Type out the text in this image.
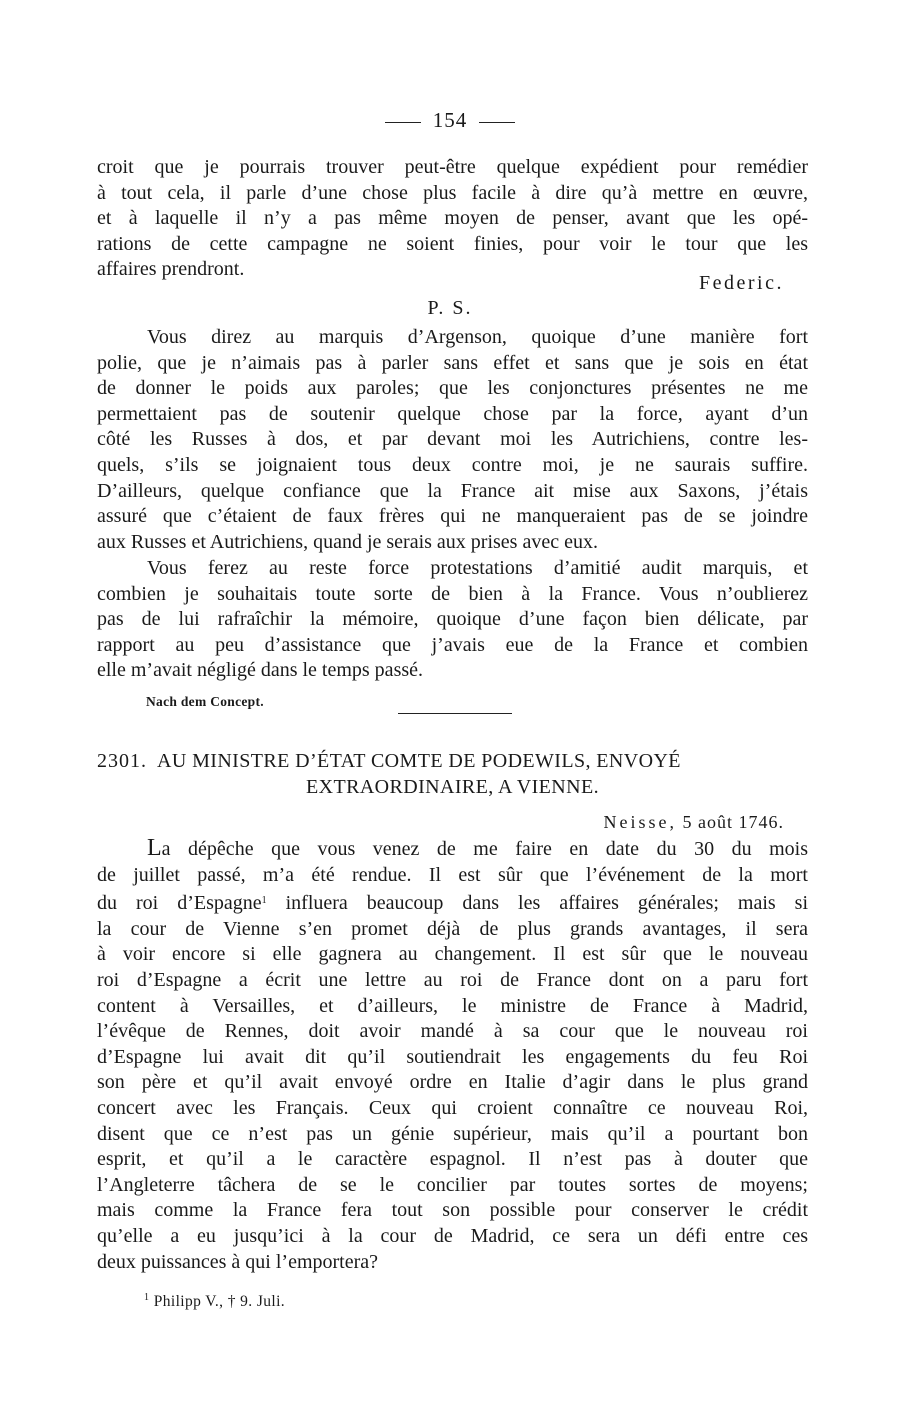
154
croit que je pourrais trouver peut-être quelque expédient pour remédier
à tout cela, il parle d’une chose plus facile à dire qu’à mettre en œuvre,
et à laquelle il n’y a pas même moyen de penser, avant que les opé-
rations de cette campagne ne soient finies, pour voir le tour que les
affaires prendront.
Federic.
P. S.
Vous direz au marquis d’Argenson, quoique d’une manière fort
polie, que je n’aimais pas à parler sans effet et sans que je sois en état
de donner le poids aux paroles; que les conjonctures présentes ne me
permettaient pas de soutenir quelque chose par la force, ayant d’un
côté les Russes à dos, et par devant moi les Autrichiens, contre les-
quels, s’ils se joignaient tous deux contre moi, je ne saurais suffire.
D’ailleurs, quelque confiance que la France ait mise aux Saxons, j’étais
assuré que c’étaient de faux frères qui ne manqueraient pas de se joindre
aux Russes et Autrichiens, quand je serais aux prises avec eux.
Vous ferez au reste force protestations d’amitié audit marquis, et
combien je souhaitais toute sorte de bien à la France. Vous n’oublierez
pas de lui rafraîchir la mémoire, quoique d’une façon bien délicate, par
rapport au peu d’assistance que j’avais eue de la France et combien
elle m’avait négligé dans le temps passé.
Nach dem Concept.
2301. AU MINISTRE D’ÉTAT COMTE DE PODEWILS, ENVOYÉ
EXTRAORDINAIRE, A VIENNE.
Neisse, 5 août 1746.
La dépêche que vous venez de me faire en date du 30 du mois
de juillet passé, m’a été rendue. Il est sûr que l’événement de la mort
du roi d’Espagne$^1$ influera beaucoup dans les affaires générales; mais si
la cour de Vienne s’en promet déjà de plus grands avantages, il sera
à voir encore si elle gagnera au changement. Il est sûr que le nouveau
roi d’Espagne a écrit une lettre au roi de France dont on a paru fort
content à Versailles, et d’ailleurs, le ministre de France à Madrid,
l’évêque de Rennes, doit avoir mandé à sa cour que le nouveau roi
d’Espagne lui avait dit qu’il soutiendrait les engagements du feu Roi
son père et qu’il avait envoyé ordre en Italie d’agir dans le plus grand
concert avec les Français. Ceux qui croient connaître ce nouveau Roi,
disent que ce n’est pas un génie supérieur, mais qu’il a pourtant bon
esprit, et qu’il a le caractère espagnol. Il n’est pas à douter que
l’Angleterre tâchera de se le concilier par toutes sortes de moyens;
mais comme la France fera tout son possible pour conserver le crédit
qu’elle a eu jusqu’ici à la cour de Madrid, ce sera un défi entre ces
deux puissances à qui l’emportera?
$^1$ Philipp V., † 9. Juli.
